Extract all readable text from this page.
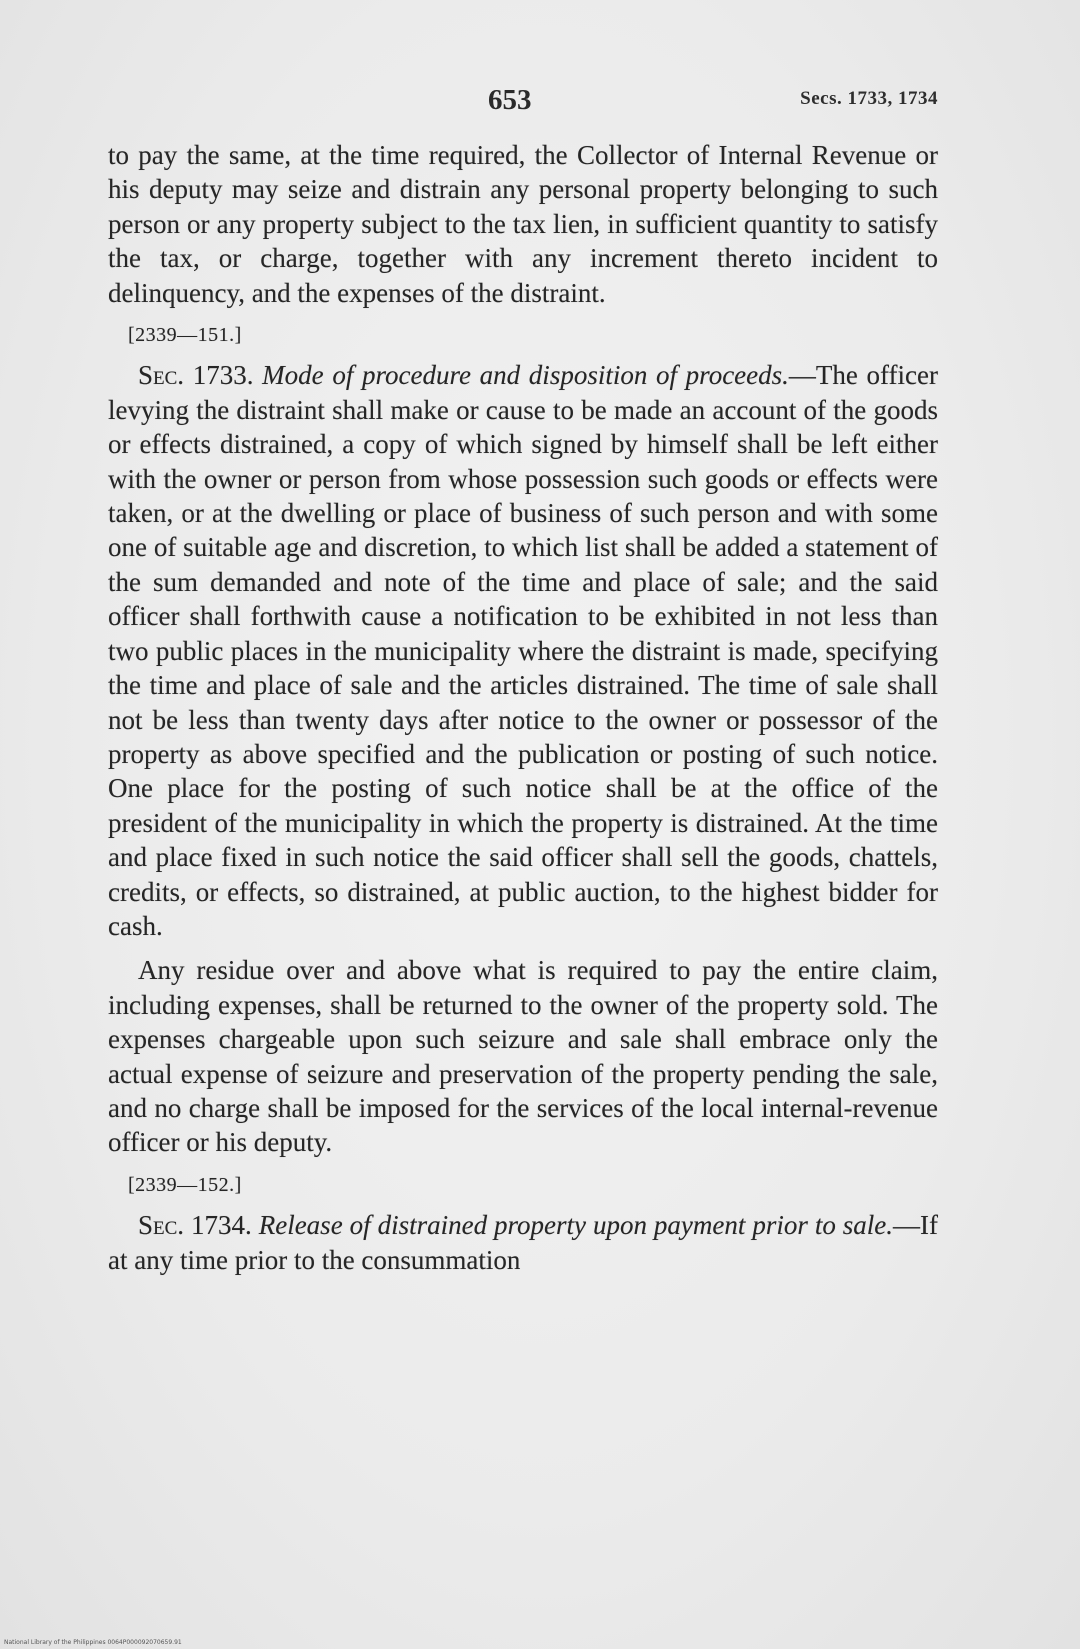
653	Secs. 1733, 1734

to pay the same, at the time required, the Collector of Internal Revenue or his deputy may seize and distrain any personal property belonging to such person or any property subject to the tax lien, in sufficient quantity to satisfy the tax, or charge, together with any increment thereto incident to delinquency, and the expenses of the distraint.

[2339—151.]

Sec. 1733. Mode of procedure and disposition of proceeds.—The officer levying the distraint shall make or cause to be made an account of the goods or effects distrained, a copy of which signed by himself shall be left either with the owner or person from whose possession such goods or effects were taken, or at the dwelling or place of business of such person and with some one of suitable age and discretion, to which list shall be added a statement of the sum demanded and note of the time and place of sale; and the said officer shall forthwith cause a notification to be exhibited in not less than two public places in the municipality where the distraint is made, specifying the time and place of sale and the articles distrained. The time of sale shall not be less than twenty days after notice to the owner or possessor of the property as above specified and the publication or posting of such notice. One place for the posting of such notice shall be at the office of the president of the municipality in which the property is distrained. At the time and place fixed in such notice the said officer shall sell the goods, chattels, credits, or effects, so distrained, at public auction, to the highest bidder for cash.

Any residue over and above what is required to pay the entire claim, including expenses, shall be returned to the owner of the property sold. The expenses chargeable upon such seizure and sale shall embrace only the actual expense of seizure and preservation of the property pending the sale, and no charge shall be imposed for the services of the local internal-revenue officer or his deputy.

[2339—152.]

Sec. 1734. Release of distrained property upon payment prior to sale.—If at any time prior to the consummation

National Library of the Philippines 0064P000092070659.91
